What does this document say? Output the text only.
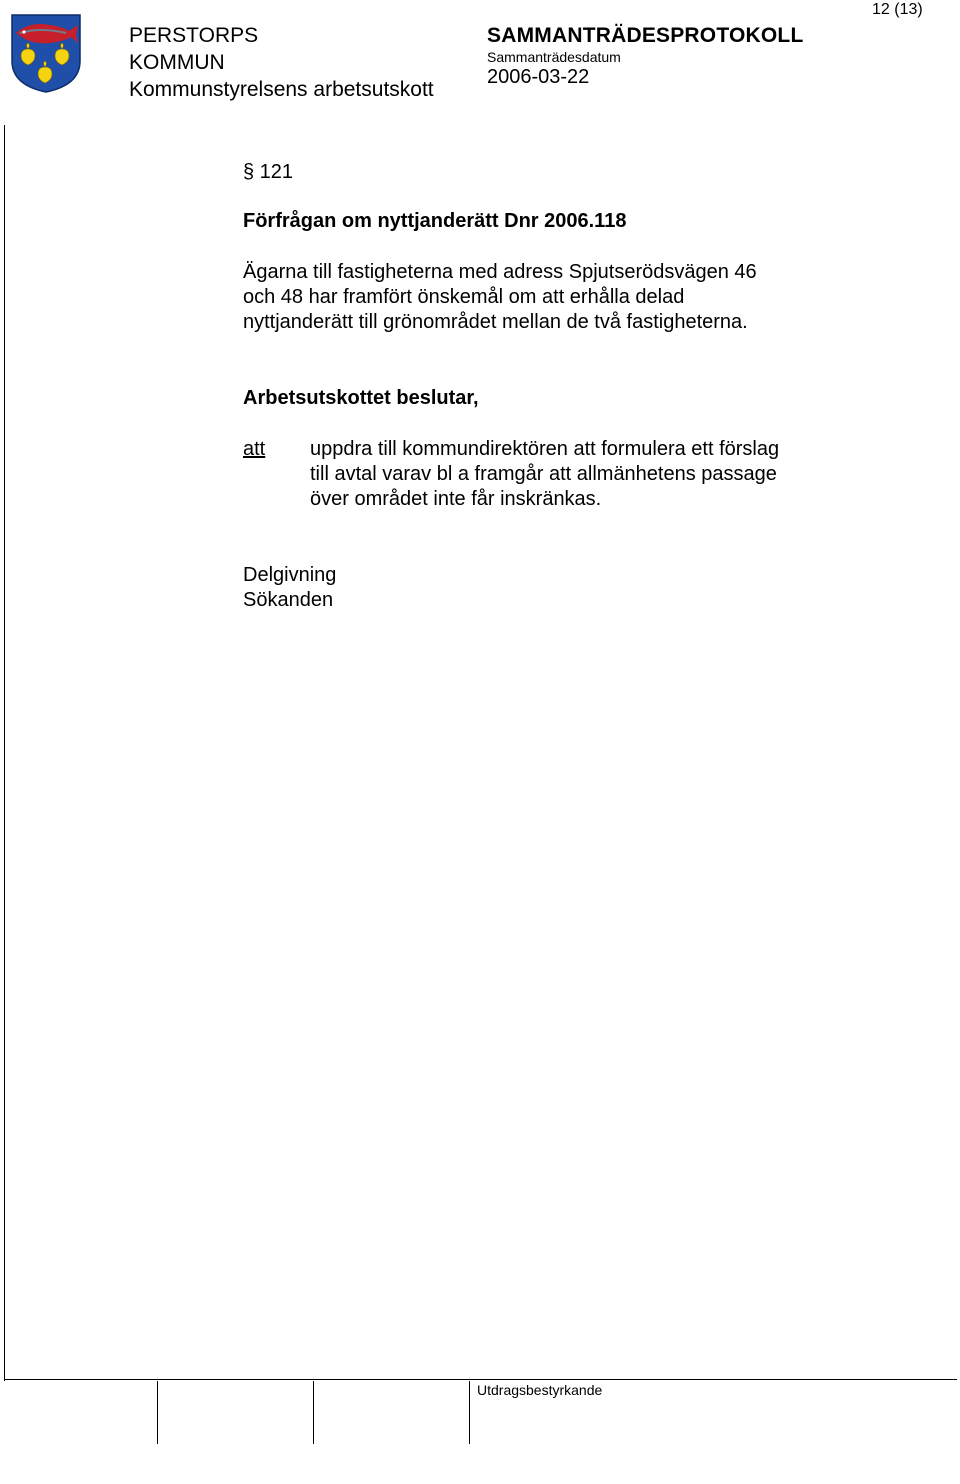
PERSTORPS
KOMMUN
Kommunstyrelsens arbetsutskott
SAMMANTRÄDESPROTOKOLL
Sammanträdesdatum
2006-03-22
12 (13)
§ 121
Förfrågan om nyttjanderätt Dnr 2006.118
Ägarna till fastigheterna med adress Spjutserödsvägen 46
och 48 har framfört önskemål om att erhålla delad
nyttjanderätt till grönområdet mellan de två fastigheterna.
Arbetsutskottet beslutar,
att uppdra till kommundirektören att formulera ett förslag
till avtal varav bl a framgår att allmänhetens passage
över området inte får inskränkas.
Delgivning
Sökanden
Utdragsbestyrkande
